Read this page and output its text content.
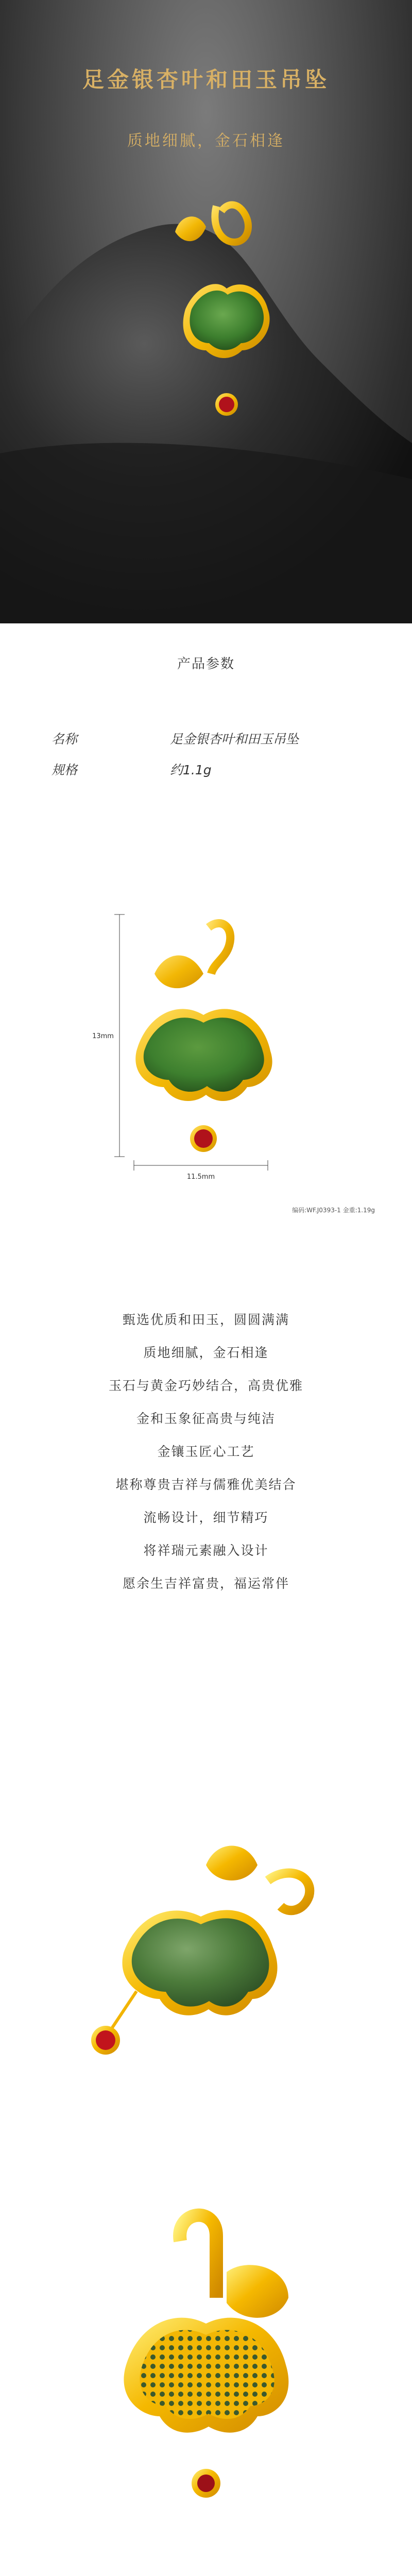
足金银杏叶和田玉吊坠
质地细腻，金石相逢
产品参数
名称	足金银杏叶和田玉吊坠
规格	约1.1g
13mm
11.5mm
编码:WF.J0393-1 金重:1.19g
甄选优质和田玉，圆圆满满
质地细腻，金石相逢
玉石与黄金巧妙结合，高贵优雅
金和玉象征高贵与纯洁
金镶玉匠心工艺
堪称尊贵吉祥与儒雅优美结合
流畅设计，细节精巧
将祥瑞元素融入设计
愿余生吉祥富贵，福运常伴
